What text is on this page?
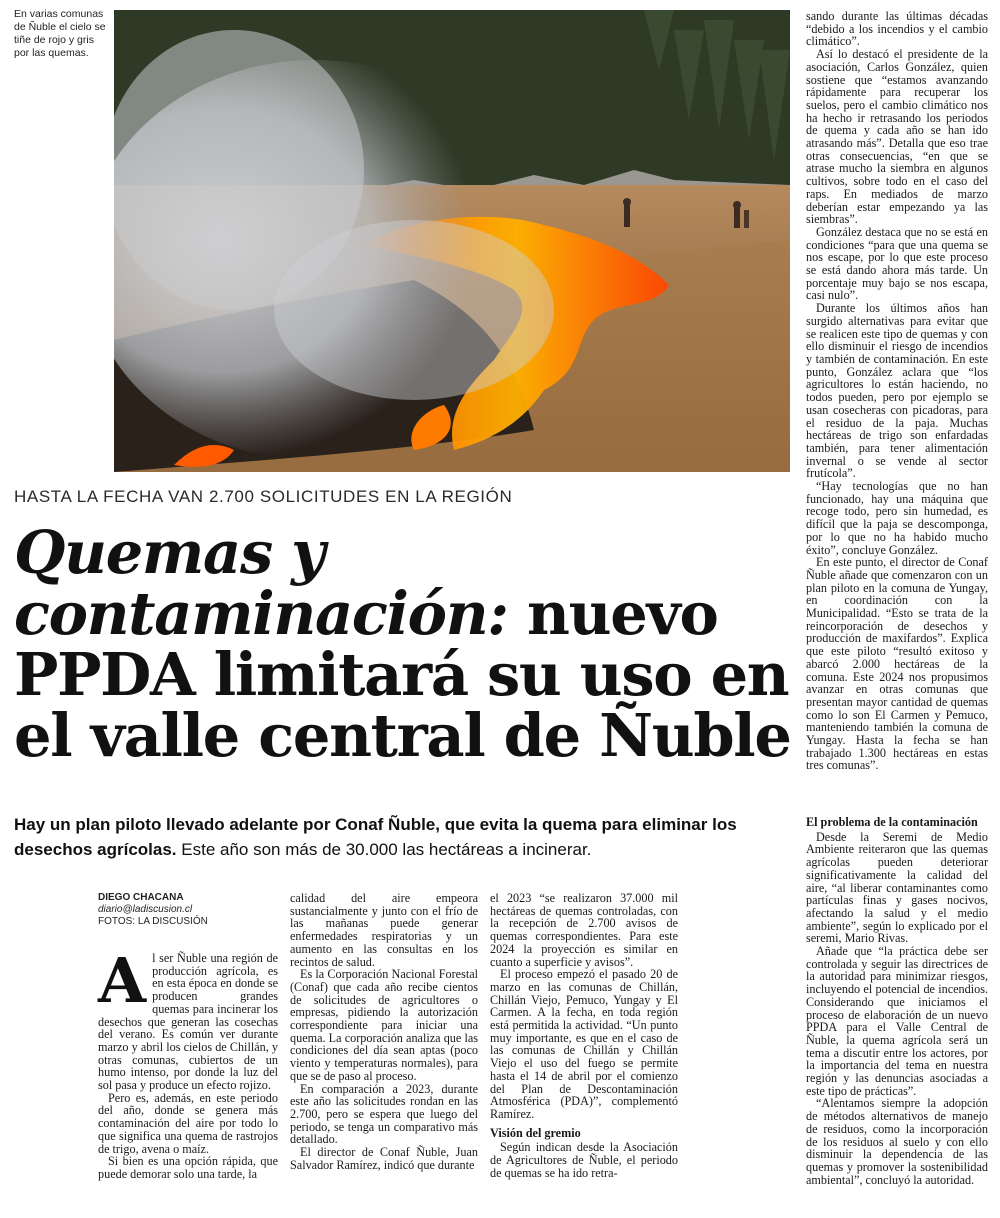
En varias comunas de Ñuble el cielo se tiñe de rojo y gris por las quemas.
HASTA LA FECHA VAN 2.700 SOLICITUDES EN LA REGIÓN
Quemas y contaminación: nuevo PPDA limitará su uso en el valle central de Ñuble
Hay un plan piloto llevado adelante por Conaf Ñuble, que evita la quema para eliminar los desechos agrícolas. Este año son más de 30.000 las hectáreas a incinerar.
DIEGO CHACANA
diario@ladiscusion.cl
FOTOS: LA DISCUSIÓN

Al ser Ñuble una región de producción agrícola, es en esta época en donde se producen grandes quemas para incinerar los desechos que generan las cosechas del verano. Es común ver durante marzo y abril los cielos de Chillán, y otras comunas, cubiertos de un humo intenso, por donde la luz del sol pasa y produce un efecto rojizo.

Pero es, además, en este periodo del año, donde se genera más contaminación del aire por todo lo que significa una quema de rastrojos de trigo, avena o maíz.

Si bien es una opción rápida, que puede demorar solo una tarde, la

calidad del aire empeora sustancialmente y junto con el frío de las mañanas puede generar enfermedades respiratorias y un aumento en las consultas en los recintos de salud.

Es la Corporación Nacional Forestal (Conaf) que cada año recibe cientos de solicitudes de agricultores o empresas, pidiendo la autorización correspondiente para iniciar una quema. La corporación analiza que las condiciones del día sean aptas (poco viento y temperaturas normales), para que se de paso al proceso.

En comparación a 2023, durante este año las solicitudes rondan en las 2.700, pero se espera que luego del periodo, se tenga un comparativo más detallado.

El director de Conaf Ñuble, Juan Salvador Ramírez, indicó que durante

el 2023 “se realizaron 37.000 mil hectáreas de quemas controladas, con la recepción de 2.700 avisos de quemas correspondientes. Para este 2024 la proyección es similar en cuanto a superficie y avisos”.

El proceso empezó el pasado 20 de marzo en las comunas de Chillán, Chillán Viejo, Pemuco, Yungay y El Carmen. A la fecha, en toda región está permitida la actividad. “Un punto muy importante, es que en el caso de las comunas de Chillán y Chillán Viejo el uso del fuego se permite hasta el 14 de abril por el comienzo del Plan de Descontaminación Atmosférica (PDA)”, complementó Ramírez.

Visión del gremio

Según indican desde la Asociación de Agricultores de Ñuble, el periodo de quemas se ha ido retra-

sando durante las últimas décadas “debido a los incendios y el cambio climático”.

Así lo destacó el presidente de la asociación, Carlos González, quien sostiene que “estamos avanzando rápidamente para recuperar los suelos, pero el cambio climático nos ha hecho ir retrasando los periodos de quema y cada año se han ido atrasando más”. Detalla que eso trae otras consecuencias, “en que se atrase mucho la siembra en algunos cultivos, sobre todo en el caso del raps. En mediados de marzo deberían estar empezando ya las siembras”.

González destaca que no se está en condiciones “para que una quema se nos escape, por lo que este proceso se está dando ahora más tarde. Un porcentaje muy bajo se nos escapa, casi nulo”.

Durante los últimos años han surgido alternativas para evitar que se realicen este tipo de quemas y con ello disminuir el riesgo de incendios y también de contaminación. En este punto, González aclara que “los agricultores lo están haciendo, no todos pueden, pero por ejemplo se usan cosecheras con picadoras, para el residuo de la paja. Muchas hectáreas de trigo son enfardadas también, para tener alimentación invernal o se vende al sector frutícola”.

“Hay tecnologías que no han funcionado, hay una máquina que recoge todo, pero sin humedad, es difícil que la paja se descomponga, por lo que no ha habido mucho éxito”, concluye González.

En este punto, el director de Conaf Ñuble añade que comenzaron con un plan piloto en la comuna de Yungay, en coordinación con la Municipalidad. “Esto se trata de la reincorporación de desechos y producción de maxifardos”. Explica que este piloto “resultó exitoso y abarcó 2.000 hectáreas de la comuna. Este 2024 nos propusimos avanzar en otras comunas que presentan mayor cantidad de quemas como lo son El Carmen y Pemuco, manteniendo también la comuna de Yungay. Hasta la fecha se han trabajado 1.300 hectáreas en estas tres comunas”.

El problema de la contaminación

Desde la Seremi de Medio Ambiente reiteraron que las quemas agrícolas pueden deteriorar significativamente la calidad del aire, “al liberar contaminantes como partículas finas y gases nocivos, afectando la salud y el medio ambiente”, según lo explicado por el seremi, Mario Rivas.

Añade que “la práctica debe ser controlada y seguir las directrices de la autoridad para minimizar riesgos, incluyendo el potencial de incendios. Considerando que iniciamos el proceso de elaboración de un nuevo PPDA para el Valle Central de Ñuble, la quema agrícola será un tema a discutir entre los actores, por la importancia del tema en nuestra región y las denuncias asociadas a este tipo de prácticas”.

“Alentamos siempre la adopción de métodos alternativos de manejo de residuos, como la incorporación de los residuos al suelo y con ello disminuir la dependencia de las quemas y promover la sostenibilidad ambiental”, concluyó la autoridad.
